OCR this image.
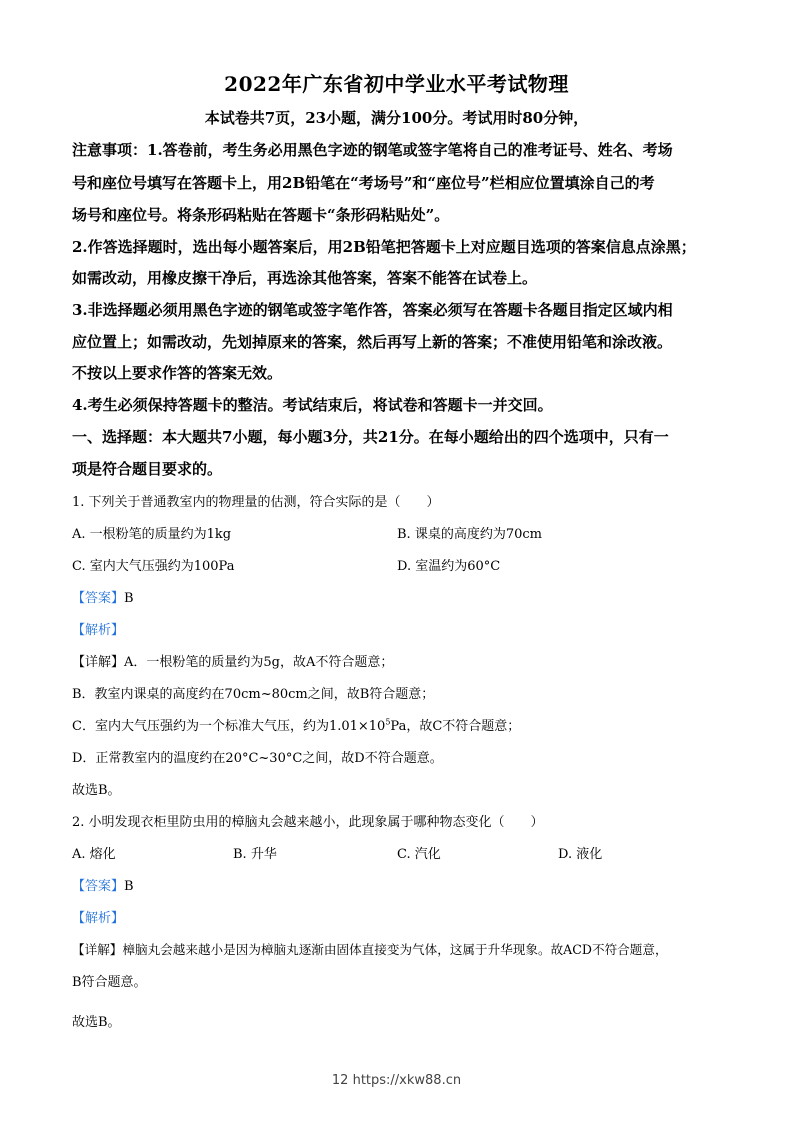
2022年广东省初中学业水平考试物理
本试卷共7页，23小题，满分100分。考试用时80分钟，
注意事项：1.答卷前，考生务必用黑色字迹的钢笔或签字笔将自己的准考证号、姓名、考场
号和座位号填写在答题卡上，用2B铅笔在“考场号”和“座位号”栏相应位置填涂自己的考
场号和座位号。将条形码粘贴在答题卡“条形码粘贴处”。
2.作答选择题时，选出每小题答案后，用2B铅笔把答题卡上对应题目选项的答案信息点涂黑；
如需改动，用橡皮擦干净后，再选涂其他答案，答案不能答在试卷上。
3.非选择题必须用黑色字迹的钢笔或签字笔作答，答案必须写在答题卡各题目指定区域内相
应位置上；如需改动，先划掉原来的答案，然后再写上新的答案；不准使用铅笔和涂改液。
不按以上要求作答的答案无效。
4.考生必须保持答题卡的整洁。考试结束后，将试卷和答题卡一并交回。
一、选择题：本大题共7小题，每小题3分，共21分。在每小题给出的四个选项中，只有一
项是符合题目要求的。
1. 下列关于普通教室内的物理量的估测，符合实际的是（　　）
A. 一根粉笔的质量约为1kg	B. 课桌的高度约为70cm
C. 室内大气压强约为100Pa	D. 室温约为60°C
【答案】B
【解析】
【详解】A．一根粉笔的质量约为5g，故A不符合题意；
B．教室内课桌的高度约在70cm~80cm之间，故B符合题意；
C．室内大气压强约为一个标准大气压，约为$1.01\times 10^5Pa$，故C不符合题意；
D．正常教室内的温度约在20°C~30°C之间，故D不符合题意。
故选B。
2. 小明发现衣柜里防虫用的樟脑丸会越来越小，此现象属于哪种物态变化（　　）
A. 熔化	B. 升华	C. 汽化	D. 液化
【答案】B
【解析】
【详解】樟脑丸会越来越小是因为樟脑丸逐渐由固体直接变为气体，这属于升华现象。故ACD不符合题意，
B符合题意。
故选B。
12 https://xkw88.cn
